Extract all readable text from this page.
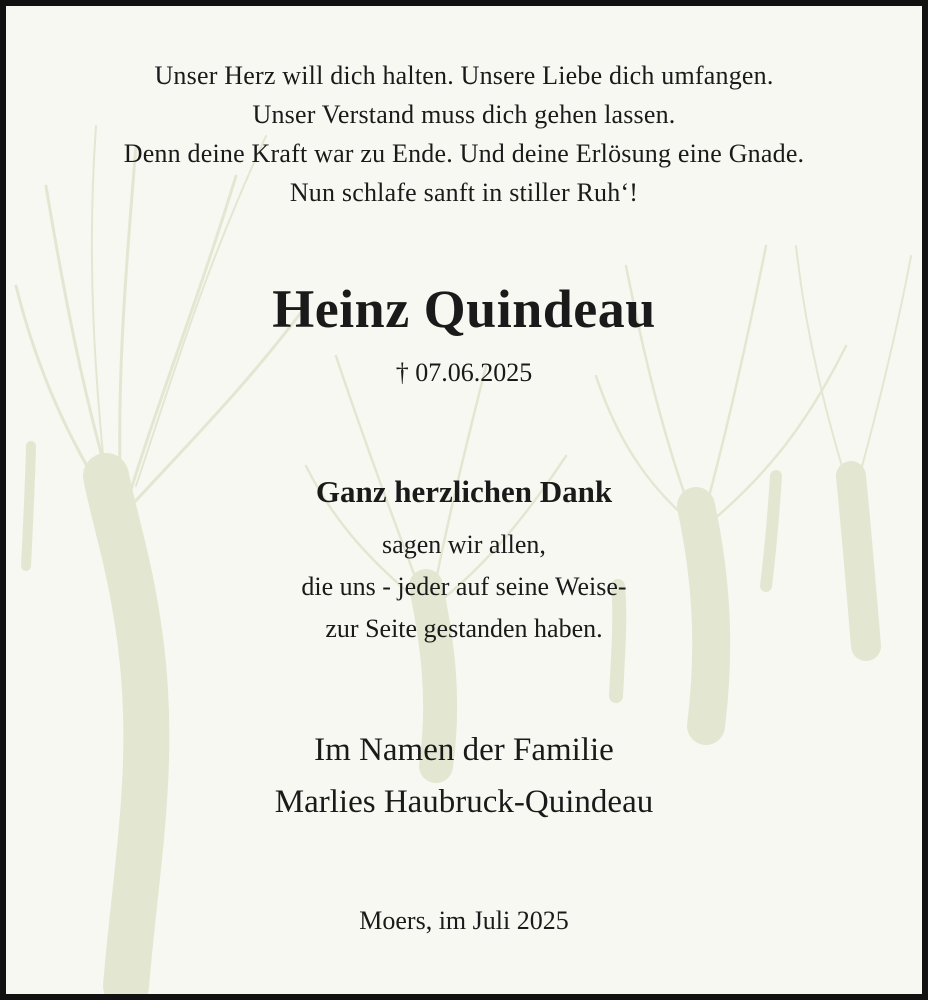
Unser Herz will dich halten. Unsere Liebe dich umfangen.
Unser Verstand muss dich gehen lassen.
Denn deine Kraft war zu Ende. Und deine Erlösung eine Gnade.
Nun schlafe sanft in stiller Ruh‘!
Heinz Quindeau
† 07.06.2025
Ganz herzlichen Dank
sagen wir allen,
die uns - jeder auf seine Weise-
zur Seite gestanden haben.
Im Namen der Familie
Marlies Haubruck-Quindeau
Moers, im Juli 2025
